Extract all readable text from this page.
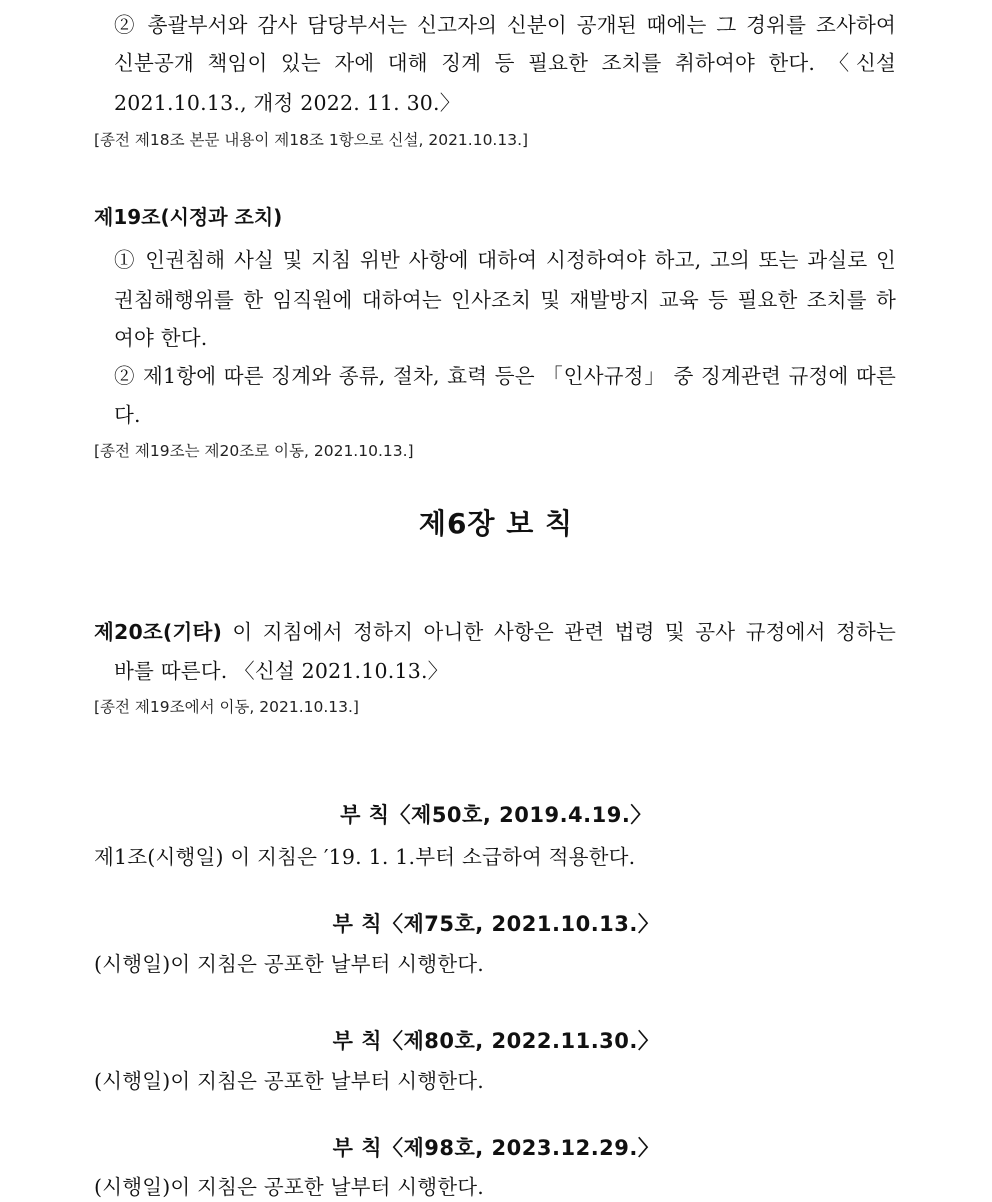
② 총괄부서와 감사 담당부서는 신고자의 신분이 공개된 때에는 그 경위를 조사하여
신분공개 책임이 있는 자에 대해 징계 등 필요한 조치를 취하여야 한다. 〈신설
2021.10.13., 개정 2022. 11. 30.〉
[종전 제18조 본문 내용이 제18조 1항으로 신설, 2021.10.13.]
제19조(시정과 조치)
① 인권침해 사실 및 지침 위반 사항에 대하여 시정하여야 하고, 고의 또는 과실로 인
권침해행위를 한 임직원에 대하여는 인사조치 및 재발방지 교육 등 필요한 조치를 하
여야 한다.
② 제1항에 따른 징계와 종류, 절차, 효력 등은 「인사규정」 중 징계관련 규정에 따른
다.
[종전 제19조는 제20조로 이동, 2021.10.13.]
제6장 보 칙
제20조(기타) 이 지침에서 정하지 아니한 사항은 관련 법령 및 공사 규정에서 정하는
바를 따른다. 〈신설 2021.10.13.〉
[종전 제19조에서 이동, 2021.10.13.]
부 칙〈제50호, 2019.4.19.〉
제1조(시행일) 이 지침은 ′19. 1. 1.부터 소급하여 적용한다.
부 칙〈제75호, 2021.10.13.〉
(시행일)이 지침은 공포한 날부터 시행한다.
부 칙〈제80호, 2022.11.30.〉
(시행일)이 지침은 공포한 날부터 시행한다.
부 칙〈제98호, 2023.12.29.〉
(시행일)이 지침은 공포한 날부터 시행한다.
